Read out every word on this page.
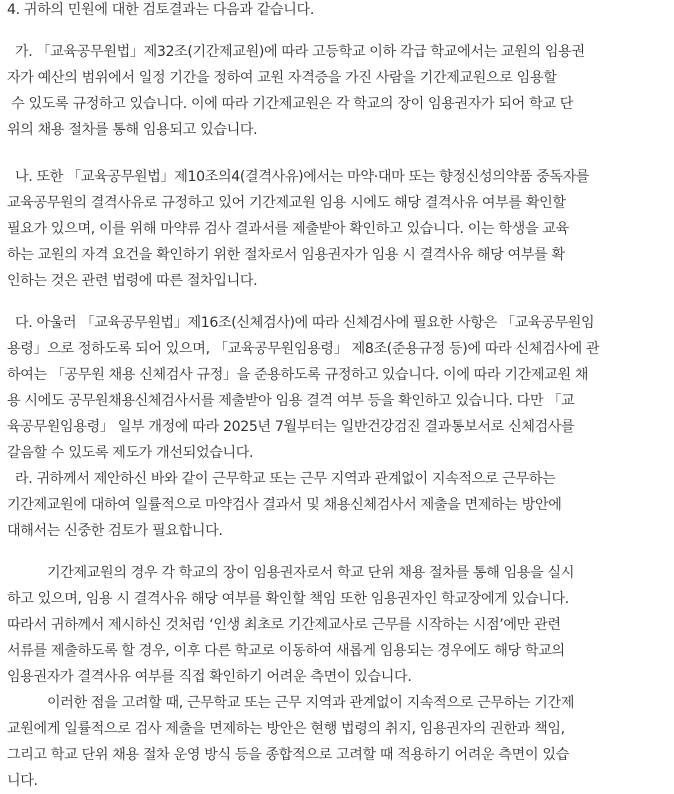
4. 귀하의 민원에 대한 검토결과는 다음과 같습니다.
가. 「교육공무원법」제32조(기간제교원)에 따라 고등학교 이하 각급 학교에서는 교원의 임용권
자가 예산의 범위에서 일정 기간을 정하여 교원 자격증을 가진 사람을 기간제교원으로 임용할
수 있도록 규정하고 있습니다. 이에 따라 기간제교원은 각 학교의 장이 임용권자가 되어 학교 단
위의 채용 절차를 통해 임용되고 있습니다.
나. 또한 「교육공무원법」제10조의4(결격사유)에서는 마약·대마 또는 향정신성의약품 중독자를
교육공무원의 결격사유로 규정하고 있어 기간제교원 임용 시에도 해당 결격사유 여부를 확인할
필요가 있으며, 이를 위해 마약류 검사 결과서를 제출받아 확인하고 있습니다. 이는 학생을 교육
하는 교원의 자격 요건을 확인하기 위한 절차로서 임용권자가 임용 시 결격사유 해당 여부를 확
인하는 것은 관련 법령에 따른 절차입니다.
다. 아울러 「교육공무원법」제16조(신체검사)에 따라 신체검사에 필요한 사항은 「교육공무원임
용령」으로 정하도록 되어 있으며, 「교육공무원임용령」 제8조(준용규정 등)에 따라 신체검사에 관
하여는 「공무원 채용 신체검사 규정」을 준용하도록 규정하고 있습니다. 이에 따라 기간제교원 채
용 시에도 공무원채용신체검사서를 제출받아 임용 결격 여부 등을 확인하고 있습니다. 다만 「교
육공무원임용령」 일부 개정에 따라 2025년 7월부터는 일반건강검진 결과통보서로 신체검사를
갈음할 수 있도록 제도가 개선되었습니다.
라. 귀하께서 제안하신 바와 같이 근무학교 또는 근무 지역과 관계없이 지속적으로 근무하는
기간제교원에 대하여 일률적으로 마약검사 결과서 및 채용신체검사서 제출을 면제하는 방안에
대해서는 신중한 검토가 필요합니다.
기간제교원의 경우 각 학교의 장이 임용권자로서 학교 단위 채용 절차를 통해 임용을 실시
하고 있으며, 임용 시 결격사유 해당 여부를 확인할 책임 또한 임용권자인 학교장에게 있습니다.
따라서 귀하께서 제시하신 것처럼 ‘인생 최초로 기간제교사로 근무를 시작하는 시점’에만 관련
서류를 제출하도록 할 경우, 이후 다른 학교로 이동하여 새롭게 임용되는 경우에도 해당 학교의
임용권자가 결격사유 여부를 직접 확인하기 어려운 측면이 있습니다.
이러한 점을 고려할 때, 근무학교 또는 근무 지역과 관계없이 지속적으로 근무하는 기간제
교원에게 일률적으로 검사 제출을 면제하는 방안은 현행 법령의 취지, 임용권자의 권한과 책임,
그리고 학교 단위 채용 절차 운영 방식 등을 종합적으로 고려할 때 적용하기 어려운 측면이 있습
니다.
